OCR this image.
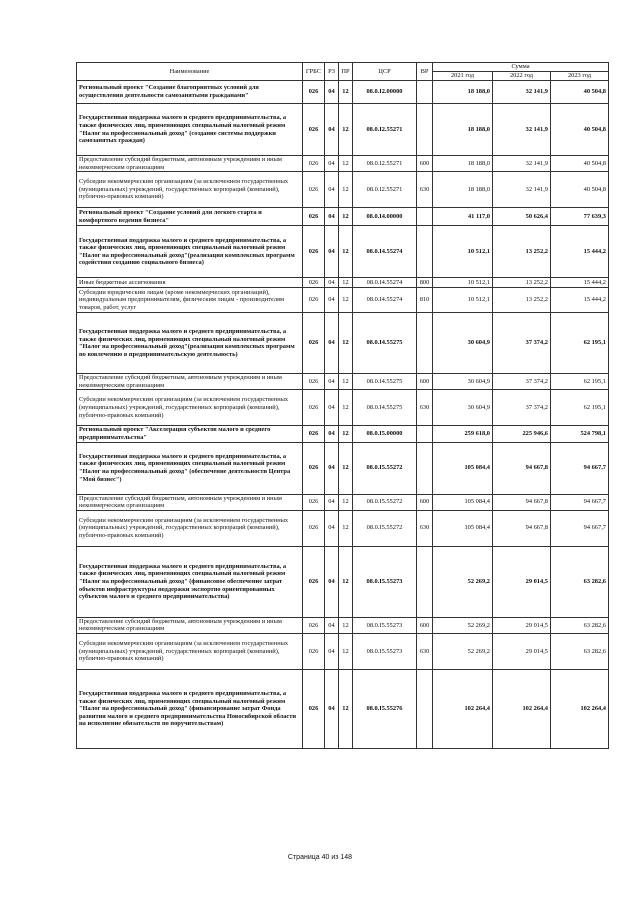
Наименование	ГРБС	РЗ	ПР	ЦСР	ВР	Сумма		
						2021 год	2022 год	2023 год
Региональный проект "Создание благоприятных условий для осуществления деятельности самозанятыми гражданами"	026	04	12	08.0.I2.00000		18 188,0	32 141,9	40 504,8
Государственная поддержка малого и среднего предпринимательства, а также физических лиц, применяющих специальный налоговый режим "Налог на профессиональный доход" (создание системы поддержки самозанятых граждан)	026	04	12	08.0.I2.55271		18 188,0	32 141,9	40 504,8
Предоставление субсидий бюджетным, автономным учреждениям и иным некоммерческим организациям	026	04	12	08.0.I2.55271	600	18 188,0	32 141,9	40 504,8
Субсидии некоммерческим организациям (за исключением государственных (муниципальных) учреждений, государственных корпораций (компаний), публично-правовых компаний)	026	04	12	08.0.I2.55271	630	18 188,0	32 141,9	40 504,8
Региональный проект "Создание условий для легкого старта и комфортного ведения бизнеса"	026	04	12	08.0.I4.00000		41 117,0	50 626,4	77 639,3
Государственная поддержка малого и среднего предпринимательства, а также физических лиц, применяющих специальный налоговый режим "Налог на профессиональный доход"(реализация комплексных программ содействия созданию социального бизнеса)	026	04	12	08.0.I4.55274		10 512,1	13 252,2	15 444,2
Иные бюджетные ассигнования	026	04	12	08.0.I4.55274	800	10 512,1	13 252,2	15 444,2
Субсидии юридическим лицам (кроме некоммерческих организаций), индивидуальным предпринимателям, физическим лицам - производителям товаров, работ, услуг	026	04	12	08.0.I4.55274	810	10 512,1	13 252,2	15 444,2
Государственная поддержка малого и среднего предпринимательства, а также физических лиц, применяющих специальный налоговый режим "Налог на профессиональный доход"(реализация комплексных программ по вовлечению в предпринимательскую деятельность)	026	04	12	08.0.I4.55275		30 604,9	37 374,2	62 195,1
Предоставление субсидий бюджетным, автономным учреждениям и иным некоммерческим организациям	026	04	12	08.0.I4.55275	600	30 604,9	37 374,2	62 195,1
Субсидии некоммерческим организациям (за исключением государственных (муниципальных) учреждений, государственных корпораций (компаний), публично-правовых компаний)	026	04	12	08.0.I4.55275	630	30 604,9	37 374,2	62 195,1
Региональный проект "Акселерация субъектов малого и среднего предпринимательства"	026	04	12	08.0.I5.00000		259 618,0	225 946,6	524 798,1
Государственная поддержка малого и среднего предпринимательства, а также физических лиц, применяющих специальный налоговый режим "Налог на профессиональный доход" (обеспечение деятельности Центра "Мой бизнес")	026	04	12	08.0.I5.55272		105 084,4	94 667,8	94 667,7
Предоставление субсидий бюджетным, автономным учреждениям и иным некоммерческим организациям	026	04	12	08.0.I5.55272	600	105 084,4	94 667,8	94 667,7
Субсидии некоммерческим организациям (за исключением государственных (муниципальных) учреждений, государственных корпораций (компаний), публично-правовых компаний)	026	04	12	08.0.I5.55272	630	105 084,4	94 667,8	94 667,7
Государственная поддержка малого и среднего предпринимательства, а также физических лиц, применяющих специальный налоговый режим "Налог на профессиональный доход" (финансовое обеспечение затрат объектов инфраструктуры поддержки экспортно ориентированных субъектов малого и среднего предпринимательства)	026	04	12	08.0.I5.55273		52 269,2	29 014,5	63 282,6
Предоставление субсидий бюджетным, автономным учреждениям и иным некоммерческим организациям	026	04	12	08.0.I5.55273	600	52 269,2	29 014,5	63 282,6
Субсидии некоммерческим организациям (за исключением государственных (муниципальных) учреждений, государственных корпораций (компаний), публично-правовых компаний)	026	04	12	08.0.I5.55273	630	52 269,2	29 014,5	63 282,6
Государственная поддержка малого и среднего предпринимательства, а также физических лиц, применяющих специальный налоговый режим "Налог на профессиональный доход" (финансирование затрат Фонда развития малого и среднего предпринимательства Новосибирской области на исполнение обязательств по поручительствам)	026	04	12	08.0.I5.55276		102 264,4	102 264,4	102 264,4
Страница 40 из 148
